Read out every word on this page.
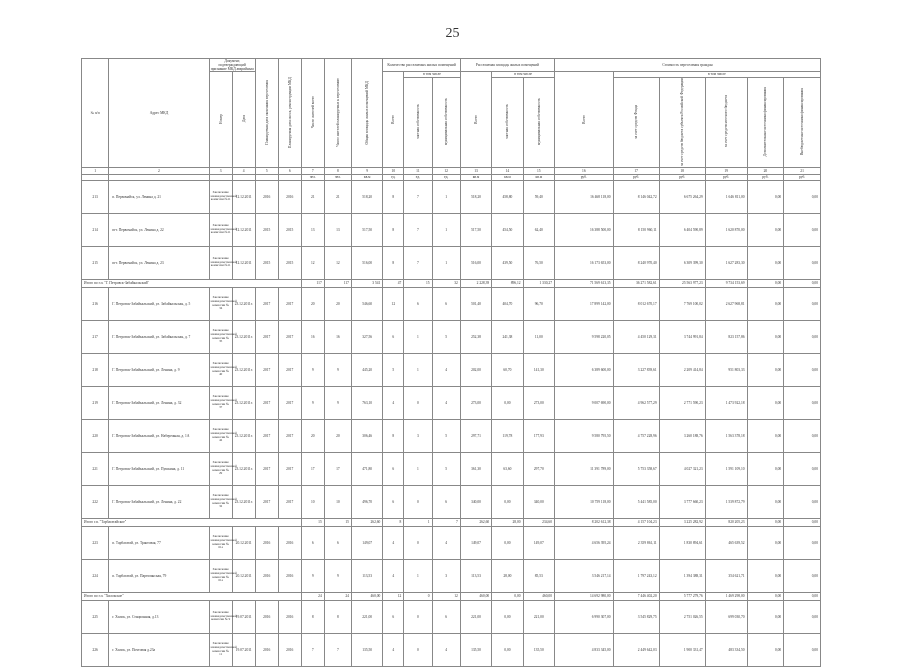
25
№ п/п	Адрес МКД	Документ, подтверждающий признание МКД аварийным		Планируемая дата окончания переселения	Планируемая дата сноса, реконструкции МКД	Число жителей всего	Число жителей планируемых к переселению	Общая площадь жилых помещений МКД	Количество расселяемых жилых помещений			Расселяемая площадь жилых помещений			Стоимость переселения граждан					
		Номер	Дата						Всего	в том числе		Всего	в том числе		Всего	в том числе				
										частная собственность	муниципальная собственность		частная собственность	муниципальная собственность		за счет средств Фонда	за счет средств бюджета субъекта Российской Федерации	за счет средств местного бюджета	Дополнительные источники финансирования	Внебюджетные источники финансирования
1	2	3	4	5	6	7	8	9	10	11	12	13	14	15	16	17	18	19	20	21
						чел.	чел.	кв.м	ед.	ед.	ед.	кв.м	кв.м	кв.м	руб.	руб.	руб.	руб.	руб.	руб.
213	п. Первомайск, ул. Ленина д. 21	Заключение межведомственной комиссии №11	12.12.2011	2016	2016	21	21	518,20	8	7	1	518,20	458,80	59,40	16 468 118,00	8 146 042,72	6 675 264,29	1 646 811,00	0,00	0,00
214	пгт. Первомайск, ул. Ленина д. 22	Заключение межведомственной комиссии №11	12.12.2011	2015	2015	13	13	517,50	8	7	1	517,50	454,50	62,40	16 388 500,00	8 150 960,11	6 404 590,89	1 620 870,00	0,00	0,00
215	пгт. Первомайск, ул. Ленина д. 23	Заключение межведомственной комиссии №11	12.12.2011	2015	2015	12	12	516,00	8	7	1	516,00	439,50	76,50	16 173 653,00	8 240 970,40	6 309 399,30	1 627 283,30	0,00	0,00
Итого по г.п. "Г. Петровск-Забайкальский"						117	117	3 541	47	15	32	2 228,39	896,12	1 330,27	71 569 613,35	36 271 582,61	25 563 977,23	9 734 153,69	0,00	0,00
216	Г. Петровск-Забайкальский, ул. Забайкальская, д. 5	Заключение межведомственной комиссии № 34	23.12.2011г.	2017	2017	20	20	546,60	12	6	6	501,40	404,70	96,70	17 899 142,00	8 012 670,17	7 769 100,02	2 627 968,81	0,00	0,00
217	Г. Петровск-Забайкальский, ул. Забайкальская, д. 7	Заключение межведомственной комиссии № 35	23.12.2011г.	2017	2017	16	16	327,56	6	1	5	252,38	241,38	11,00	9 598 220,05	4 450 129,31	3 744 991,84	823 157,86	0,00	0,00
218	Г. Петровск-Забайкальский, ул. Ленина, д. 9	Заключение межведомственной комиссии № 40	23.12.2011г.	2017	2017	9	9	445,20	5	1	4	202,00	60,70	141,30	6 389 600,00	3 227 839,61	2 209 414,84	951 803,33	0,00	0,00
219	Г. Петровск-Забайкальский, ул. Ленина, д. 32	Заключение межведомственной комиссии № 37	23.12.2011г.	2017	2017	9	9	763,10	4	0	4	273,00	0,00	273,00	9 007 690,00	4 962 577,29	2 771 590,23	1 473 922,18	0,00	0,00
220	Г. Петровск-Забайкальский, ул. Набережная, д. 1А	Заключение межведомственной комиссии № 42	23.12.2011г.	2017	2017	20	20	306,46	8	3	5	297,71	119,78	177,93	9 580 795,50	4 757 228,96	3 260 188,76	1 563 378,18	0,00	0,00
221	Г. Петровск-Забайкальский, ул. Пушкина, д. 11	Заключение межведомственной комиссии № 29	23.12.2011г.	2017	2017	17	17	471,80	6	1	5	361,30	63,60	297,70	11 391 789,00	5 753 358,67	4 027 321,23	1 591 109,10	0,00	0,00
222	Г. Петровск-Забайкальский, ул. Ленина, д. 22	Заключение межведомственной комиссии № 32	23.12.2011г.	2017	2017	10	10	496,70	6	0	6	340,00	0,00	340,00	10 759 118,00	5 441 585,00	3 777 660,23	1 539 872,79	0,00	0,00
Итого г.п. "Тарбагатайское"						15	15	262,60	8	1	7	262,60	28,00	234,60	8 202 612,38	4 157 104,23	3 225 282,92	820 205,23	0,00	0,00
223	п. Тарбагатай, ул. Трактовая, 77	Заключение межведомственной комиссии № 61а	20.12.2011	2016	2016	6	6	149,07	4	0	4	149,07	0,00	149,07	4 656 395,24	2 359 861,11	1 830 894,61	465 639,52	0,00	0,00
224	п. Тарбагатай, ул. Партизанская, 79	Заключение межведомственной комиссии № 61а	20.12.2011	2016	2016	9	9	113,53	4	1	3	113,53	28,00	85,53	3 546 217,14	1 797 243,12	1 394 388,31	354 621,71	0,00	0,00
Итого по г.п. "Хилокское"						24	24	460,00	12	0	12	460,00	0,00	460,00	14 692 980,00	7 446 402,20	5 777 279,76	1 469 298,00	0,00	0,00
225	г. Хилок, ул. Стационная, д.13	Заключение межведомственной комиссии № 9	19.07.2011	2016	2016	8	8	221,00	6	0	6	221,00	0,00	221,00	6 990 307,00	3 545 829,75	2 751 026,55	699 030,70	0,00	0,00
226	г. Хилок, ул. Почтовая д.23а	Заключение межведомственной комиссии № 11	19.07.2011	2016	2016	7	7	135,50	4	0	4	135,50	0,00	135,50	4 833 345,00	2 449 642,03	1 900 331,47	483 334,50	0,00	0,00
